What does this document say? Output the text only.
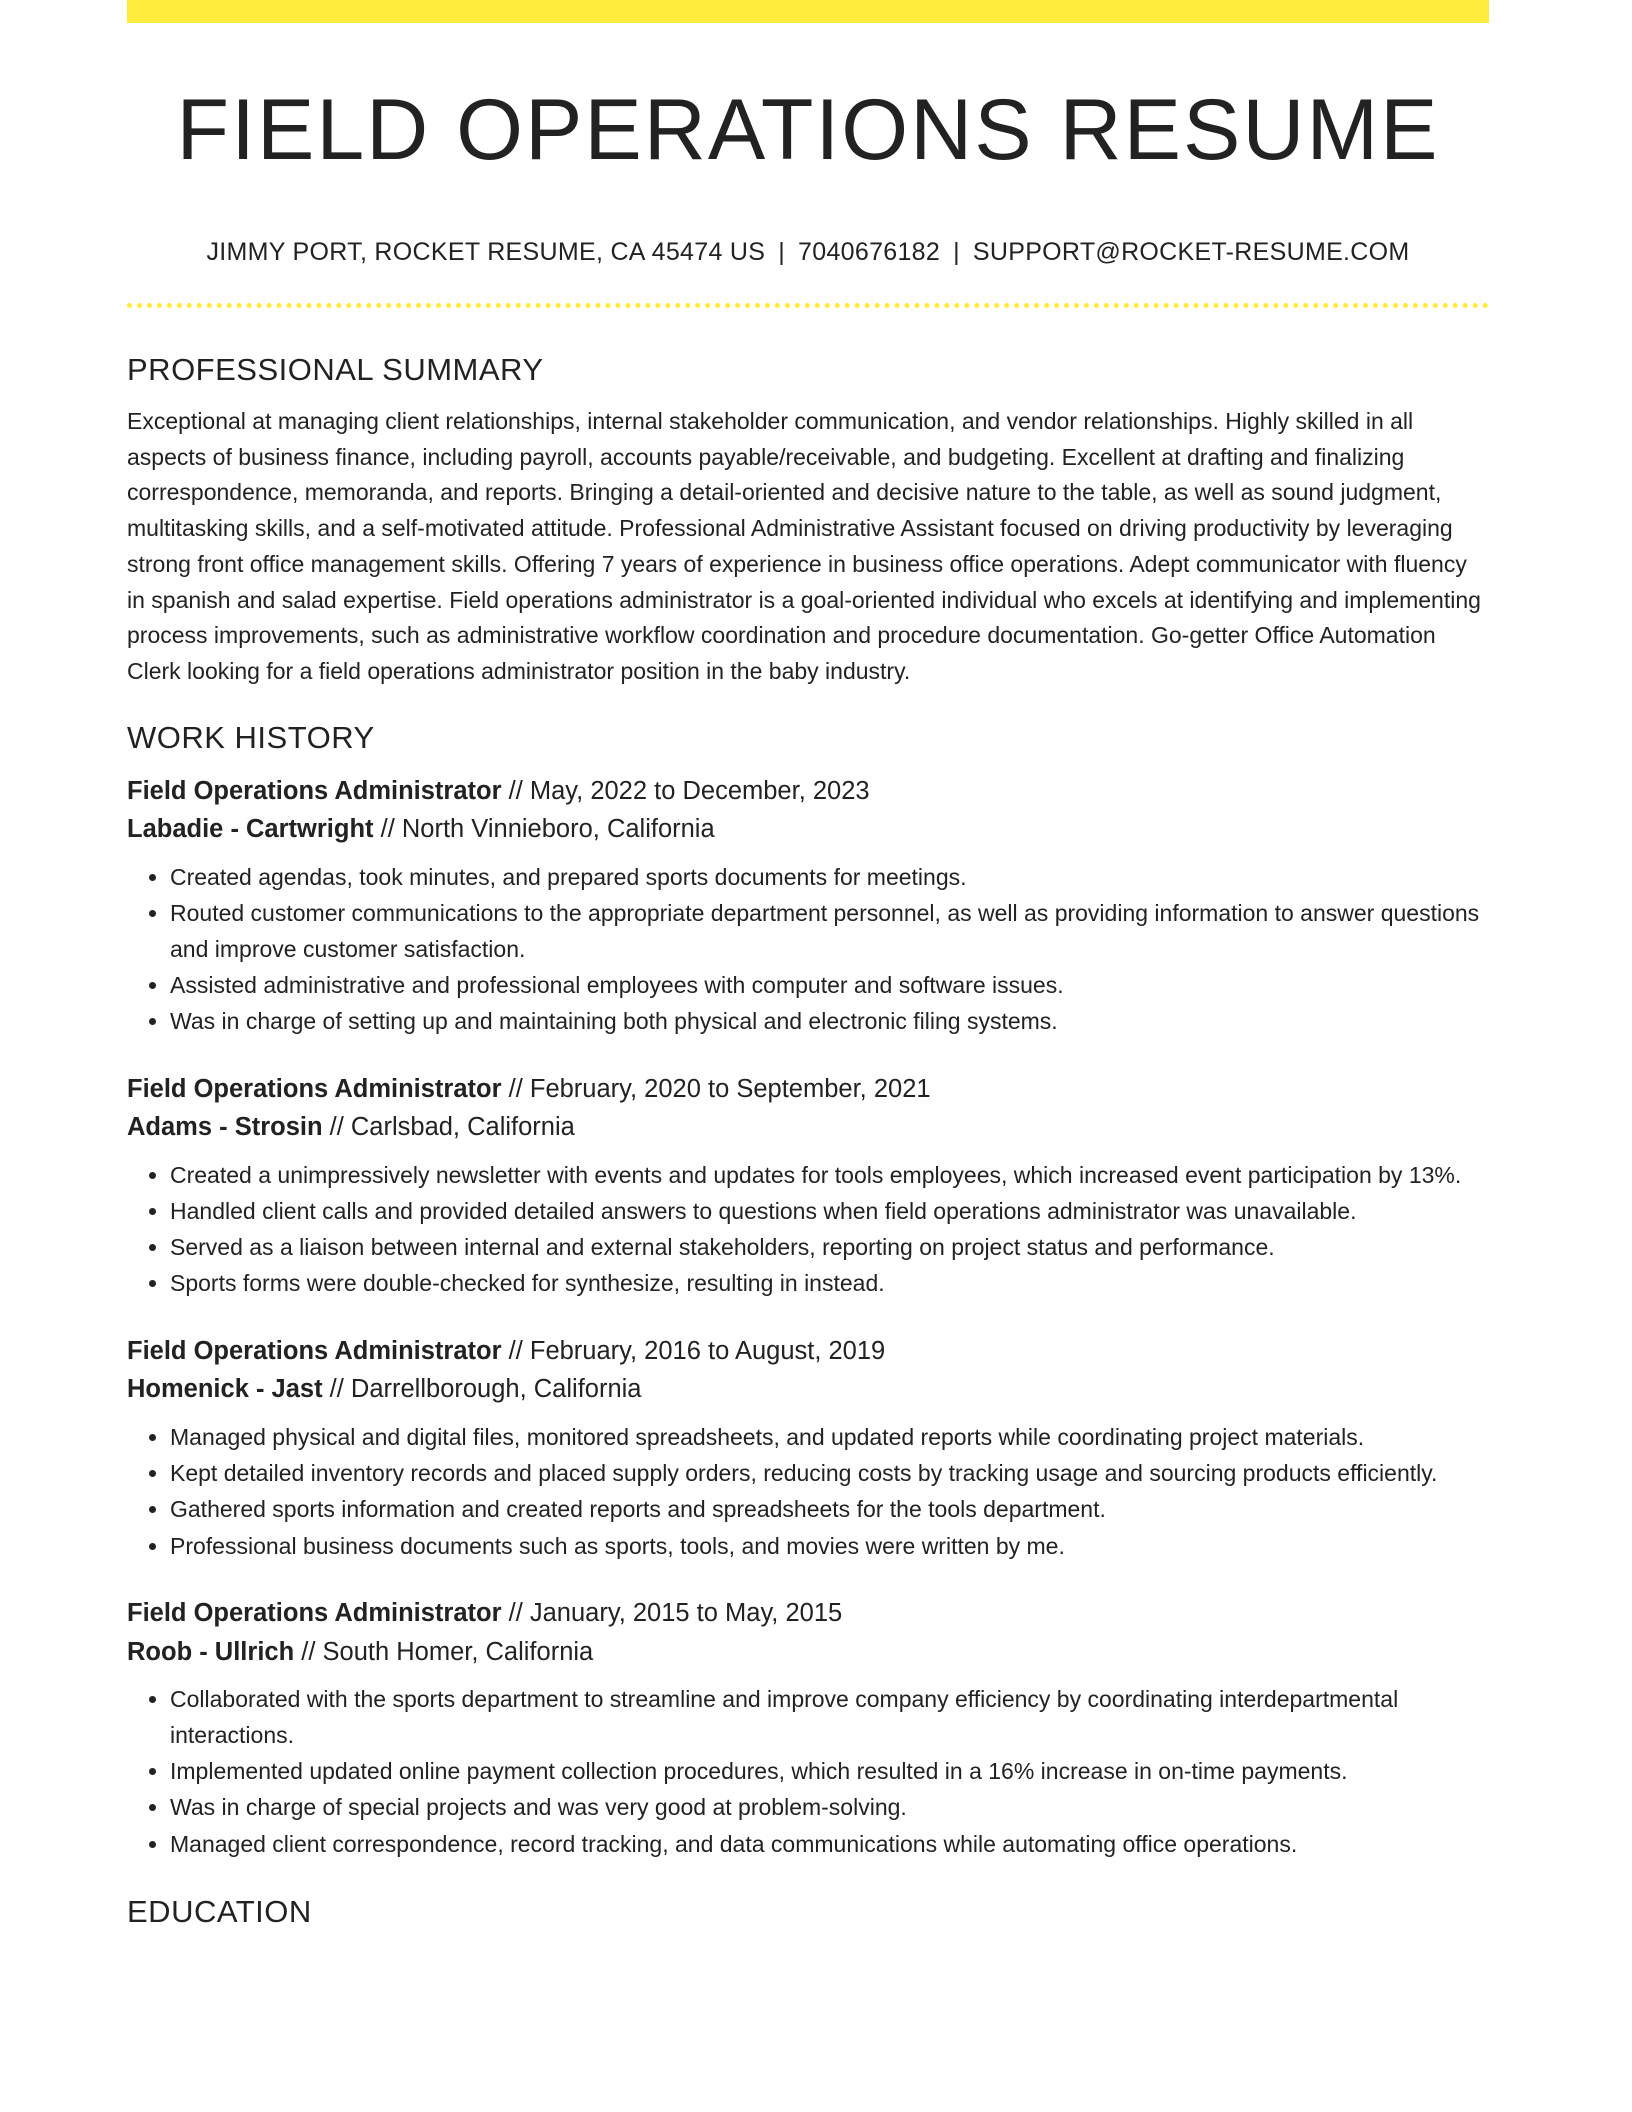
FIELD OPERATIONS RESUME
JIMMY PORT, ROCKET RESUME, CA 45474 US | 7040676182 | SUPPORT@ROCKET-RESUME.COM
PROFESSIONAL SUMMARY

Exceptional at managing client relationships, internal stakeholder communication, and vendor relationships. Highly skilled in all aspects of business finance, including payroll, accounts payable/receivable, and budgeting. Excellent at drafting and finalizing correspondence, memoranda, and reports. Bringing a detail-oriented and decisive nature to the table, as well as sound judgment, multitasking skills, and a self-motivated attitude. Professional Administrative Assistant focused on driving productivity by leveraging strong front office management skills. Offering 7 years of experience in business office operations. Adept communicator with fluency in spanish and salad expertise. Field operations administrator is a goal-oriented individual who excels at identifying and implementing process improvements, such as administrative workflow coordination and procedure documentation. Go-getter Office Automation Clerk looking for a field operations administrator position in the baby industry.

WORK HISTORY
Field Operations Administrator // May, 2022 to December, 2023
Labadie - Cartwright // North Vinnieboro, California
• Created agendas, took minutes, and prepared sports documents for meetings.
• Routed customer communications to the appropriate department personnel, as well as providing information to answer questions and improve customer satisfaction.
• Assisted administrative and professional employees with computer and software issues.
• Was in charge of setting up and maintaining both physical and electronic filing systems.
Field Operations Administrator // February, 2020 to September, 2021
Adams - Strosin // Carlsbad, California
• Created a unimpressively newsletter with events and updates for tools employees, which increased event participation by 13%.
• Handled client calls and provided detailed answers to questions when field operations administrator was unavailable.
• Served as a liaison between internal and external stakeholders, reporting on project status and performance.
• Sports forms were double-checked for synthesize, resulting in instead.
Field Operations Administrator // February, 2016 to August, 2019
Homenick - Jast // Darrellborough, California
• Managed physical and digital files, monitored spreadsheets, and updated reports while coordinating project materials.
• Kept detailed inventory records and placed supply orders, reducing costs by tracking usage and sourcing products efficiently.
• Gathered sports information and created reports and spreadsheets for the tools department.
• Professional business documents such as sports, tools, and movies were written by me.
Field Operations Administrator // January, 2015 to May, 2015
Roob - Ullrich // South Homer, California
• Collaborated with the sports department to streamline and improve company efficiency by coordinating interdepartmental interactions.
• Implemented updated online payment collection procedures, which resulted in a 16% increase in on-time payments.
• Was in charge of special projects and was very good at problem-solving.
• Managed client correspondence, record tracking, and data communications while automating office operations.
EDUCATION
